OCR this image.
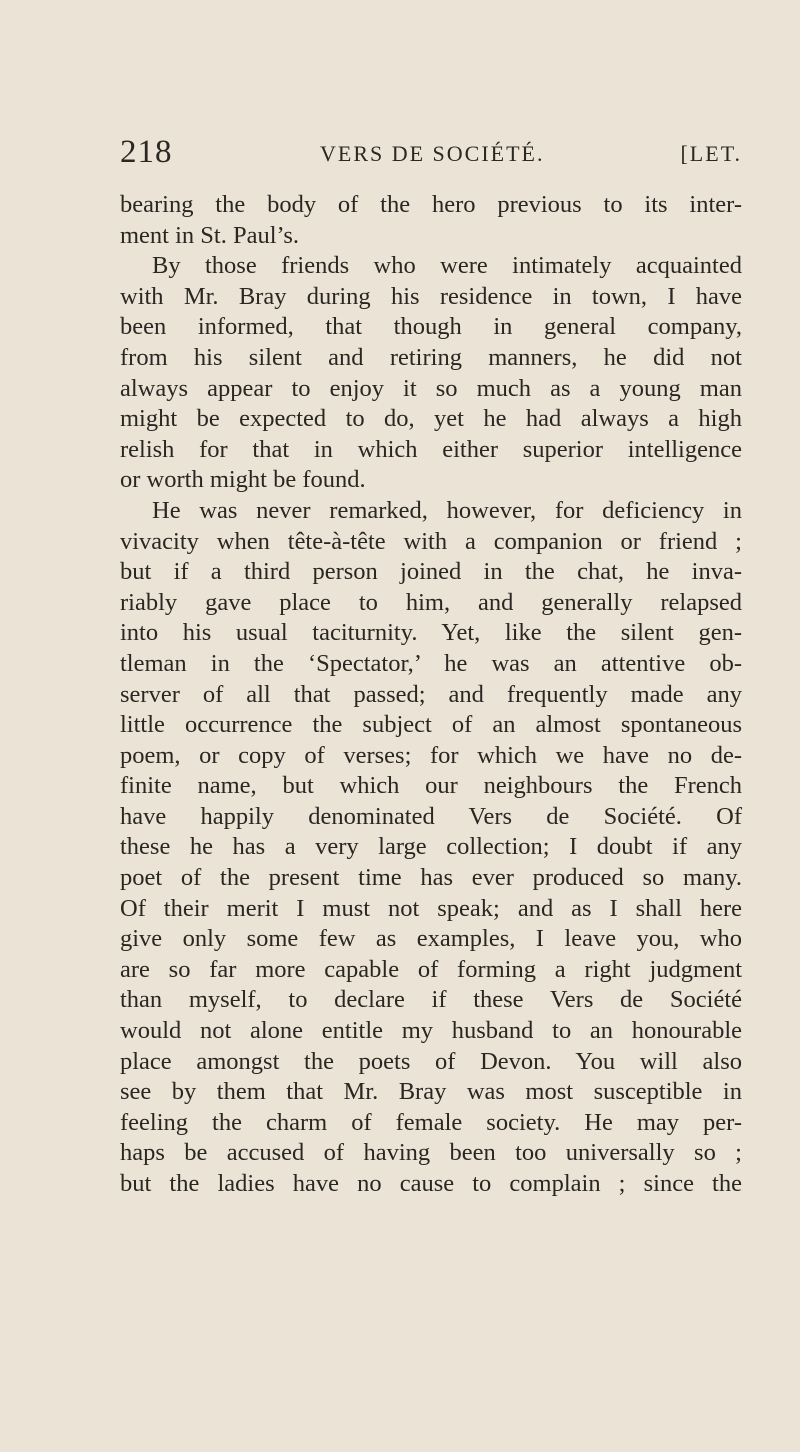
218	VERS DE SOCIÉTÉ.	[LET.
bearing the body of the hero previous to its inter-
ment in St. Paul’s.
By those friends who were intimately acquainted
with Mr. Bray during his residence in town, I have
been informed, that though in general company,
from his silent and retiring manners, he did not
always appear to enjoy it so much as a young man
might be expected to do, yet he had always a high
relish for that in which either superior intelligence
or worth might be found.
He was never remarked, however, for deficiency in
vivacity when tête-à-tête with a companion or friend ;
but if a third person joined in the chat, he inva-
riably gave place to him, and generally relapsed
into his usual taciturnity. Yet, like the silent gen-
tleman in the ‘Spectator,’ he was an attentive ob-
server of all that passed; and frequently made any
little occurrence the subject of an almost spontaneous
poem, or copy of verses; for which we have no de-
finite name, but which our neighbours the French
have happily denominated Vers de Société. Of
these he has a very large collection; I doubt if any
poet of the present time has ever produced so many.
Of their merit I must not speak; and as I shall here
give only some few as examples, I leave you, who
are so far more capable of forming a right judgment
than myself, to declare if these Vers de Société
would not alone entitle my husband to an honourable
place amongst the poets of Devon. You will also
see by them that Mr. Bray was most susceptible in
feeling the charm of female society. He may per-
haps be accused of having been too universally so ;
but the ladies have no cause to complain ; since the
